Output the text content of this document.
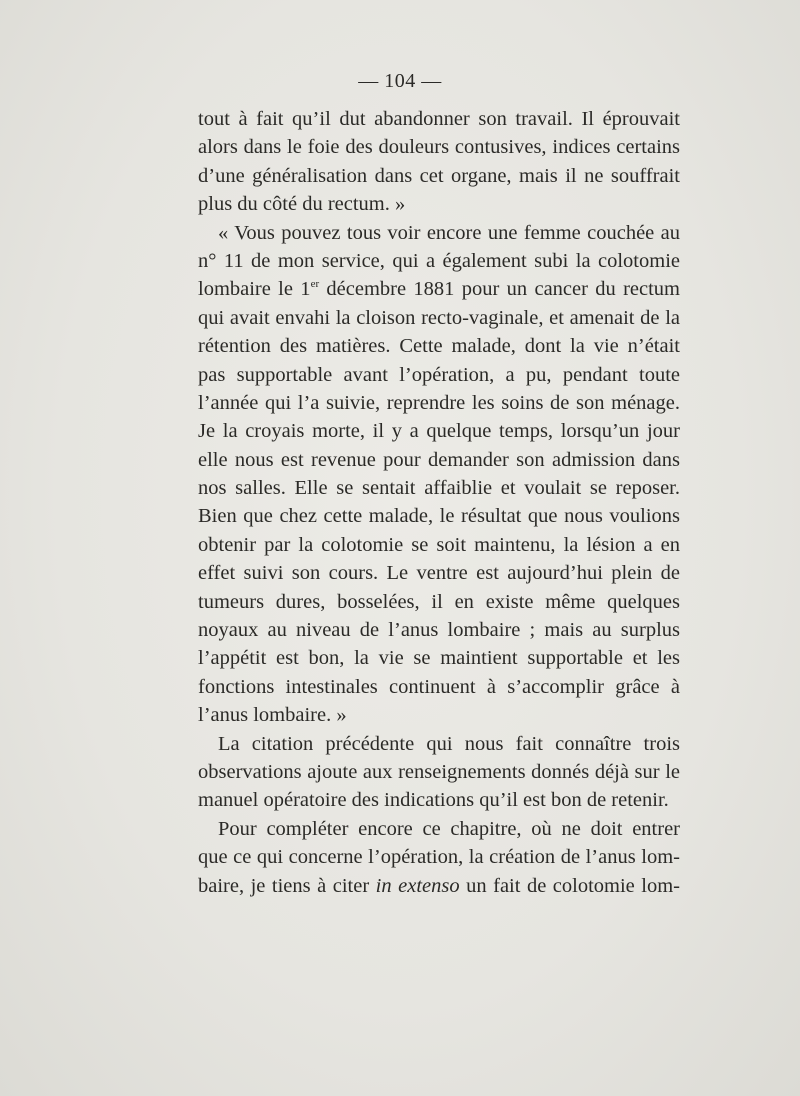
— 104 —
tout à fait qu’il dut abandonner son travail. Il éprouvait
alors dans le foie des douleurs contusives, indices certains
d’une généralisation dans cet organe, mais il ne souffrait
plus du côté du rectum. »
« Vous pouvez tous voir encore une femme couchée au
n° 11 de mon service, qui a également subi la colotomie
lombaire le 1er décembre 1881 pour un cancer du rectum
qui avait envahi la cloison recto-vaginale, et amenait de la
rétention des matières. Cette malade, dont la vie n’était
pas supportable avant l’opération, a pu, pendant toute
l’année qui l’a suivie, reprendre les soins de son ménage.
Je la croyais morte, il y a quelque temps, lorsqu’un jour
elle nous est revenue pour demander son admission dans
nos salles. Elle se sentait affaiblie et voulait se reposer.
Bien que chez cette malade, le résultat que nous voulions
obtenir par la colotomie se soit maintenu, la lésion a en
effet suivi son cours. Le ventre est aujourd’hui plein de
tumeurs dures, bosselées, il en existe même quelques
noyaux au niveau de l’anus lombaire ; mais au surplus
l’appétit est bon, la vie se maintient supportable et les
fonctions intestinales continuent à s’accomplir grâce à
l’anus lombaire. »
La citation précédente qui nous fait connaître trois
observations ajoute aux renseignements donnés déjà sur le
manuel opératoire des indications qu’il est bon de retenir.
Pour compléter encore ce chapitre, où ne doit entrer
que ce qui concerne l’opération, la création de l’anus lom-
baire, je tiens à citer in extenso un fait de colotomie lom-
